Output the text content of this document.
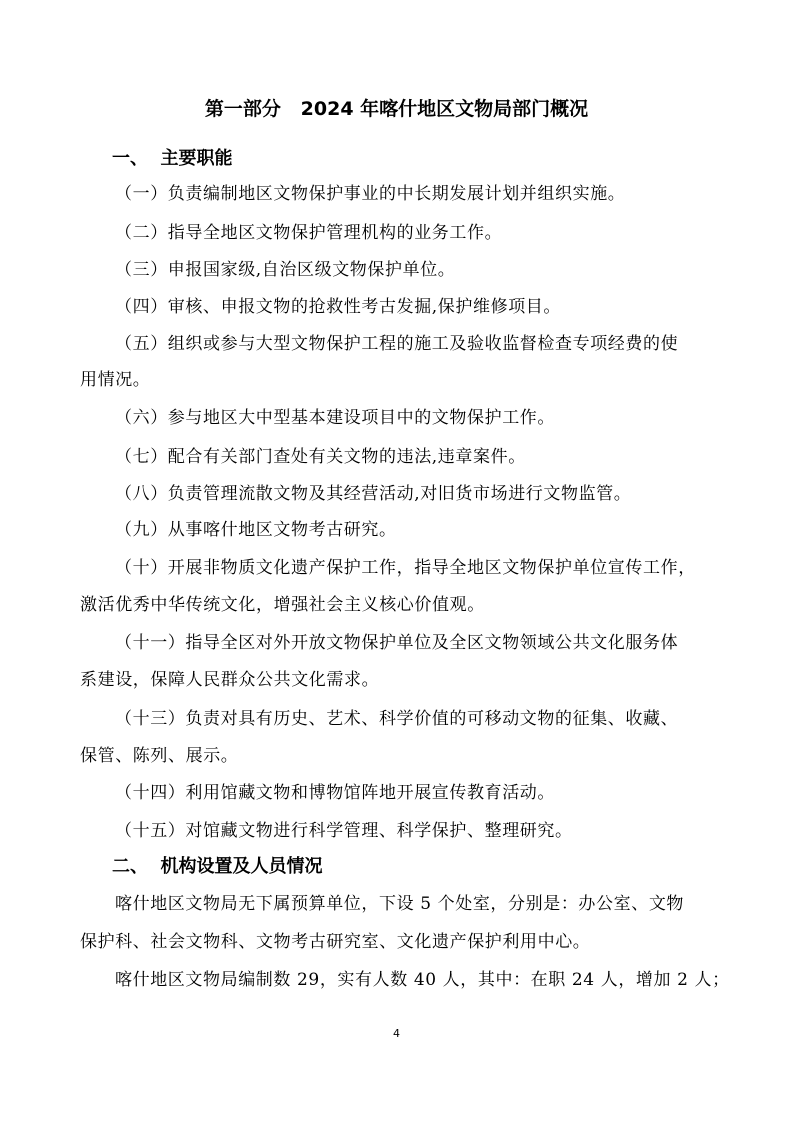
第一部分   2024 年喀什地区文物局部门概况
一、  主要职能
（一）负责编制地区文物保护事业的中长期发展计划并组织实施。
（二）指导全地区文物保护管理机构的业务工作。
（三）申报国家级,自治区级文物保护单位。
（四）审核、申报文物的抢救性考古发掘,保护维修项目。
（五）组织或参与大型文物保护工程的施工及验收监督检查专项经费的使
用情况。
（六）参与地区大中型基本建设项目中的文物保护工作。
（七）配合有关部门查处有关文物的违法,违章案件。
（八）负责管理流散文物及其经营活动,对旧货市场进行文物监管。
（九）从事喀什地区文物考古研究。
（十）开展非物质文化遗产保护工作，指导全地区文物保护单位宣传工作，
激活优秀中华传统文化，增强社会主义核心价值观。
（十一）指导全区对外开放文物保护单位及全区文物领域公共文化服务体
系建设，保障人民群众公共文化需求。
（十三）负责对具有历史、艺术、科学价值的可移动文物的征集、收藏、
保管、陈列、展示。
（十四）利用馆藏文物和博物馆阵地开展宣传教育活动。
（十五）对馆藏文物进行科学管理、科学保护、整理研究。
二、  机构设置及人员情况
喀什地区文物局无下属预算单位，下设 5 个处室，分别是：办公室、文物
保护科、社会文物科、文物考古研究室、文化遗产保护利用中心。
喀什地区文物局编制数 29，实有人数 40 人，其中：在职 24 人，增加 2 人；
4
